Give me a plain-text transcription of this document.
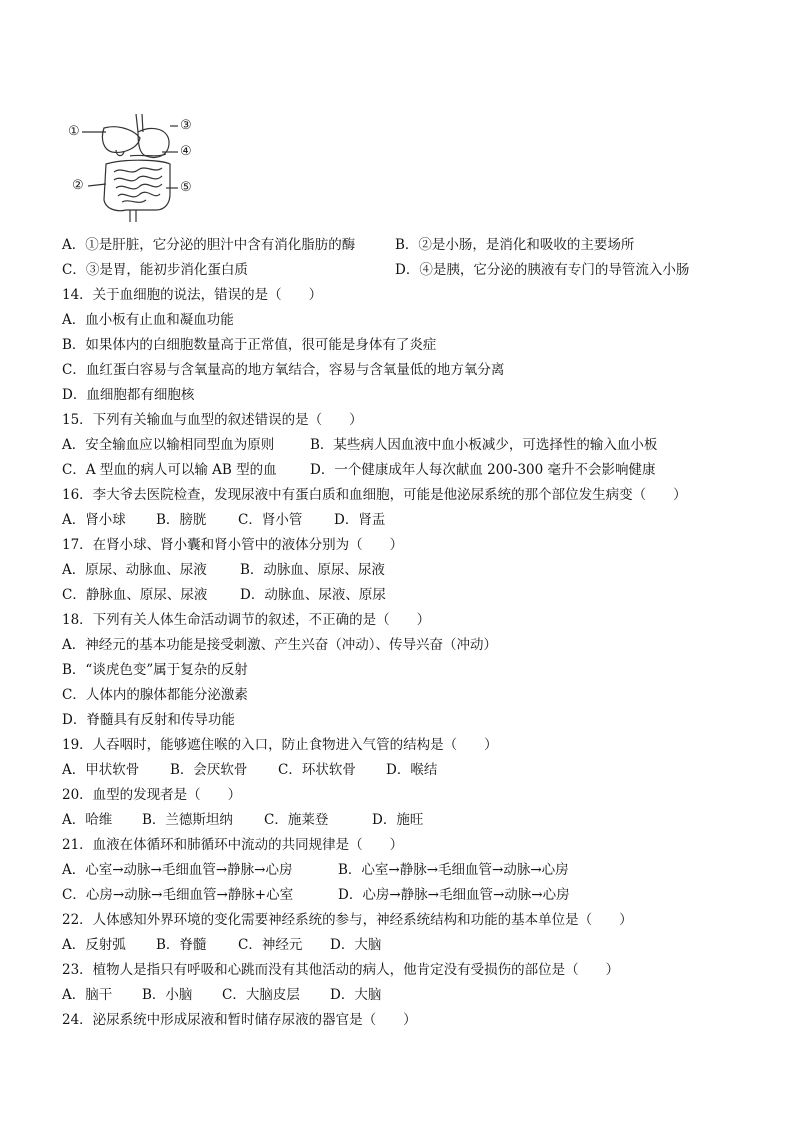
①
②
③
④
⑤
A．①是肝脏，它分泌的胆汁中含有消化脂肪的酶	B．②是小肠，是消化和吸收的主要场所
C．③是胃，能初步消化蛋白质	D．④是胰，它分泌的胰液有专门的导管流入小肠
14．关于血细胞的说法，错误的是（　　）
A．血小板有止血和凝血功能
B．如果体内的白细胞数量高于正常值，很可能是身体有了炎症
C．血红蛋白容易与含氧量高的地方氧结合，容易与含氧量低的地方氧分离
D．血细胞都有细胞核
15．下列有关输血与血型的叙述错误的是（　　）
A．安全输血应以输相同型血为原则	B．某些病人因血液中血小板减少，可选择性的输入血小板
C．A 型血的病人可以输 AB 型的血	D．一个健康成年人每次献血 200-300 毫升不会影响健康
16．李大爷去医院检查，发现尿液中有蛋白质和血细胞，可能是他泌尿系统的那个部位发生病变（　　）
A．肾小球	B．膀胱	C．肾小管	D．肾盂
17．在肾小球、肾小囊和肾小管中的液体分别为（　　）
A．原尿、动脉血、尿液	B．动脉血、原尿、尿液
C．静脉血、原尿、尿液	D．动脉血、尿液、原尿
18．下列有关人体生命活动调节的叙述，不正确的是（　　）
A．神经元的基本功能是接受刺激、产生兴奋（冲动）、传导兴奋（冲动）
B．“谈虎色变”属于复杂的反射
C．人体内的腺体都能分泌激素
D．脊髓具有反射和传导功能
19．人吞咽时，能够遮住喉的入口，防止食物进入气管的结构是（　　）
A．甲状软骨	B．会厌软骨	C．环状软骨	D．喉结
20．血型的发现者是（　　）
A．哈维	B．兰德斯坦纳	C．施莱登	D．施旺
21．血液在体循环和肺循环中流动的共同规律是（　　）
A．心室→动脉→毛细血管→静脉→心房	B．心室→静脉→毛细血管→动脉→心房
C．心房→动脉→毛细血管→静脉+心室	D．心房→静脉→毛细血管→动脉→心房
22．人体感知外界环境的变化需要神经系统的参与，神经系统结构和功能的基本单位是（　　）
A．反射弧	B．脊髓	C．神经元	D．大脑
23．植物人是指只有呼吸和心跳而没有其他活动的病人，他肯定没有受损伤的部位是（　　）
A．脑干	B．小脑	C．大脑皮层	D．大脑
24．泌尿系统中形成尿液和暂时储存尿液的器官是（　　）
